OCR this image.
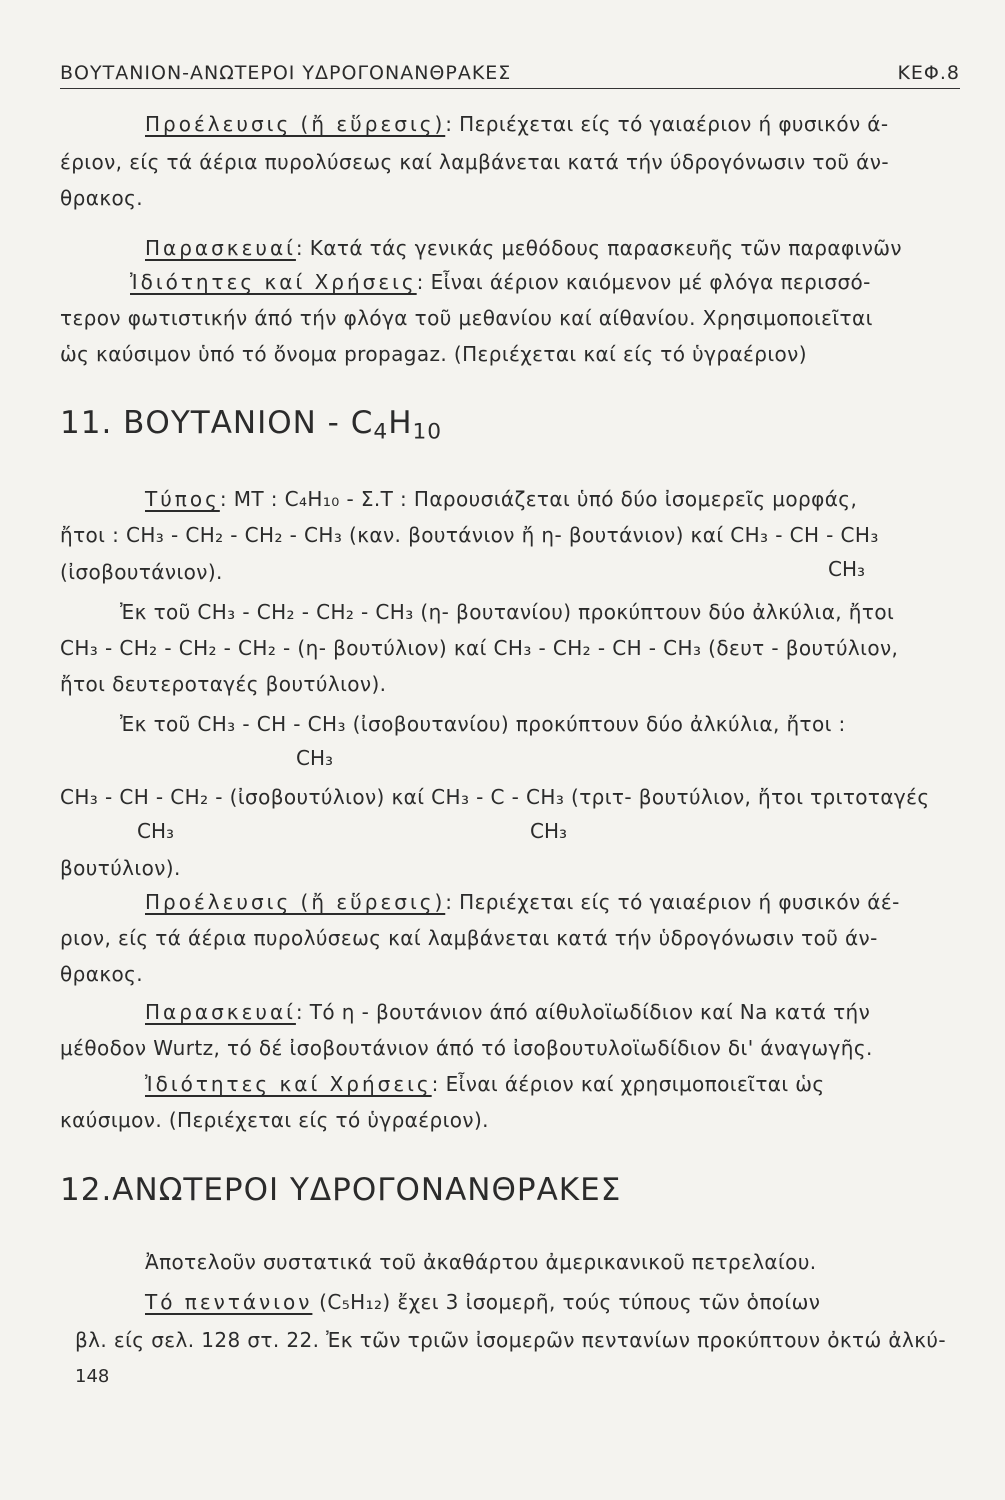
ΒΟΥΤΑΝΙΟΝ-ΑΝΩΤΕΡΟΙ ΥΔΡΟΓΟΝΑΝΘΡΑΚΕΣ	ΚΕΦ.8
Προέλευσις (ἤ εὕρεσις): Περιέχεται είς τό γαιαέριον ή φυσικόν ά-
έριον, είς τά άέρια πυρολύσεως καί λαμβάνεται κατά τήν ύδρογόνωσιν τοῦ άν-
θρακος.
Παρασκευαί: Κατά τάς γενικάς μεθόδους παρασκευῆς τῶν παραφινῶν
Ἰδιότητες καί Χρήσεις: Εἶναι άέριον καιόμενον μέ φλόγα περισσό-
τερον φωτιστικήν άπό τήν φλόγα τοῦ μεθανίου καί αίθανίου. Χρησιμοποιεῖται
ὡς καύσιμον ὑπό τό ὄνομα propagaz. (Περιέχεται καί είς τό ὑγραέριον)
11. ΒΟΥΤΑΝΙΟΝ - $C_4H_{10}$
Τύπος: ΜΤ : C₄H₁₀ - Σ.Τ : Παρουσιάζεται ὑπό δύο ἰσομερεῖς μορφάς,
ἤτοι : CH₃ - CH₂ - CH₂ - CH₃ (καν. βουτάνιον ἤ η- βουτάνιον) καί CH₃ - CH - CH₃
CH₃
(ἰσοβουτάνιον).
Ἐκ τοῦ CH₃ - CH₂ - CH₂ - CH₃ (η- βουτανίου) προκύπτουν δύο ἀλκύλια, ἤτοι
CH₃ - CH₂ - CH₂ - CH₂ - (η- βουτύλιον) καί CH₃ - CH₂ - CH - CH₃ (δευτ - βουτύλιον,
ἤτοι δευτεροταγές βουτύλιον).
Ἐκ τοῦ CH₃ - CH - CH₃ (ἰσοβουτανίου) προκύπτουν δύο ἀλκύλια, ἤτοι :
CH₃
CH₃ - CH - CH₂ - (ἰσοβουτύλιον) καί CH₃ - C - CH₃ (τριτ- βουτύλιον, ἤτοι τριτοταγές
CH₃	CH₃
βουτύλιον).
Προέλευσις (ἤ εὕρεσις): Περιέχεται είς τό γαιαέριον ή φυσικόν άέ-
ριον, είς τά άέρια πυρολύσεως καί λαμβάνεται κατά τήν ὑδρογόνωσιν τοῦ άν-
θρακος.
Παρασκευαί: Τό η - βουτάνιον άπό αίθυλοϊωδίδιον καί Na κατά τήν
μέθοδον Wurtz, τό δέ ἰσοβουτάνιον άπό τό ἰσοβουτυλοϊωδίδιον δι' άναγωγῆς.
Ἰδιότητες καί Χρήσεις: Εἶναι άέριον καί χρησιμοποιεῖται ὡς
καύσιμον. (Περιέχεται είς τό ὑγραέριον).
12.ΑΝΩΤΕΡΟΙ ΥΔΡΟΓΟΝΑΝΘΡΑΚΕΣ
Ἀποτελοῦν συστατικά τοῦ ἀκαθάρτου ἀμερικανικοῦ πετρελαίου.
Τό πεντάνιον (C₅H₁₂) ἔχει 3 ἰσομερῆ, τούς τύπους τῶν ὁποίων
βλ. είς σελ. 128 στ. 22. Ἐκ τῶν τριῶν ἰσομερῶν πεντανίων προκύπτουν ὀκτώ ἀλκύ-
148
